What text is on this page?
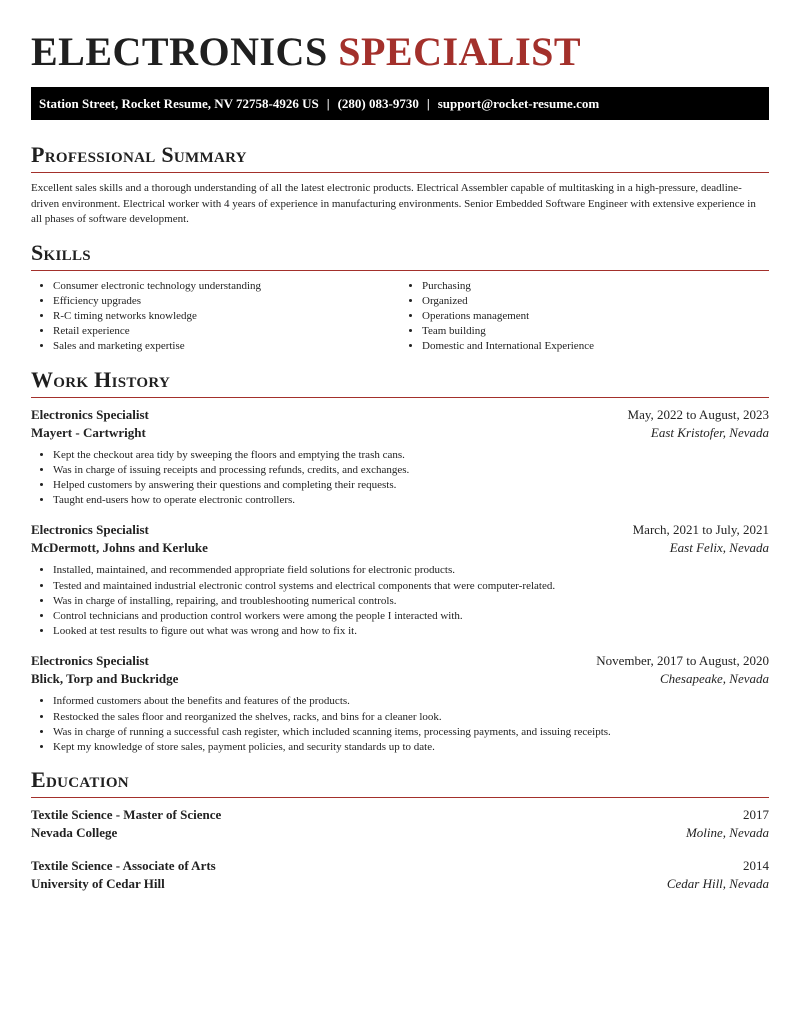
ELECTRONICS SPECIALIST
Station Street, Rocket Resume, NV 72758-4926 US | (280) 083-9730 | support@rocket-resume.com
Professional Summary

Excellent sales skills and a thorough understanding of all the latest electronic products. Electrical Assembler capable of multitasking in a high-pressure, deadline-driven environment. Electrical worker with 4 years of experience in manufacturing environments. Senior Embedded Software Engineer with extensive experience in all phases of software development.

Skills
• Consumer electronic technology understanding
• Efficiency upgrades
• R-C timing networks knowledge
• Retail experience
• Sales and marketing expertise
• Purchasing
• Organized
• Operations management
• Team building
• Domestic and International Experience
Work History
Electronics Specialist	May, 2022 to August, 2023
Mayert - Cartwright	East Kristofer, Nevada
• Kept the checkout area tidy by sweeping the floors and emptying the trash cans.
• Was in charge of issuing receipts and processing refunds, credits, and exchanges.
• Helped customers by answering their questions and completing their requests.
• Taught end-users how to operate electronic controllers.
Electronics Specialist	March, 2021 to July, 2021
McDermott, Johns and Kerluke	East Felix, Nevada
• Installed, maintained, and recommended appropriate field solutions for electronic products.
• Tested and maintained industrial electronic control systems and electrical components that were computer-related.
• Was in charge of installing, repairing, and troubleshooting numerical controls.
• Control technicians and production control workers were among the people I interacted with.
• Looked at test results to figure out what was wrong and how to fix it.
Electronics Specialist	November, 2017 to August, 2020
Blick, Torp and Buckridge	Chesapeake, Nevada
• Informed customers about the benefits and features of the products.
• Restocked the sales floor and reorganized the shelves, racks, and bins for a cleaner look.
• Was in charge of running a successful cash register, which included scanning items, processing payments, and issuing receipts.
• Kept my knowledge of store sales, payment policies, and security standards up to date.
Education
Textile Science - Master of Science	2017
Nevada College	Moline, Nevada
Textile Science - Associate of Arts	2014
University of Cedar Hill	Cedar Hill, Nevada
